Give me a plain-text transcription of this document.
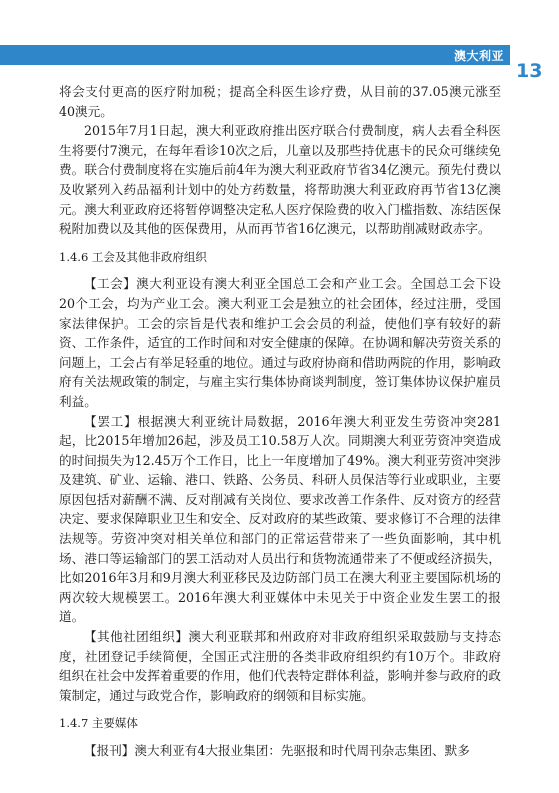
澳大利亚
13

将会支付更高的医疗附加税；提高全科医生诊疗费，从目前的37.05澳元涨至40澳元。

2015年7月1日起，澳大利亚政府推出医疗联合付费制度，病人去看全科医生将要付7澳元，在每年看诊10次之后，儿童以及那些持优惠卡的民众可继续免费。联合付费制度将在实施后前4年为澳大利亚政府节省34亿澳元。预先付费以及收紧列入药品福利计划中的处方药数量，将帮助澳大利亚政府再节省13亿澳元。澳大利亚政府还将暂停调整决定私人医疗保险费的收入门槛指数、冻结医保税附加费以及其他的医保费用，从而再节省16亿澳元，以帮助削减财政赤字。

1.4.6 工会及其他非政府组织

【工会】澳大利亚设有澳大利亚全国总工会和产业工会。全国总工会下设20个工会，均为产业工会。澳大利亚工会是独立的社会团体，经过注册，受国家法律保护。工会的宗旨是代表和维护工会会员的利益，使他们享有较好的薪资、工作条件，适宜的工作时间和对安全健康的保障。在协调和解决劳资关系的问题上，工会占有举足轻重的地位。通过与政府协商和借助两院的作用，影响政府有关法规政策的制定，与雇主实行集体协商谈判制度，签订集体协议保护雇员利益。

【罢工】根据澳大利亚统计局数据，2016年澳大利亚发生劳资冲突281起，比2015年增加26起，涉及员工10.58万人次。同期澳大利亚劳资冲突造成的时间损失为12.45万个工作日，比上一年度增加了49%。澳大利亚劳资冲突涉及建筑、矿业、运输、港口、铁路、公务员、科研人员保洁等行业或职业，主要原因包括对薪酬不满、反对削减有关岗位、要求改善工作条件、反对资方的经营决定、要求保障职业卫生和安全、反对政府的某些政策、要求修订不合理的法律法规等。劳资冲突对相关单位和部门的正常运营带来了一些负面影响，其中机场、港口等运输部门的罢工活动对人员出行和货物流通带来了不便或经济损失，比如2016年3月和9月澳大利亚移民及边防部门员工在澳大利亚主要国际机场的两次较大规模罢工。2016年澳大利亚媒体中未见关于中资企业发生罢工的报道。

【其他社团组织】澳大利亚联邦和州政府对非政府组织采取鼓励与支持态度，社团登记手续简便，全国正式注册的各类非政府组织约有10万个。非政府组织在社会中发挥着重要的作用，他们代表特定群体利益，影响并参与政府的政策制定，通过与政党合作，影响政府的纲领和目标实施。

1.4.7 主要媒体

【报刊】澳大利亚有4大报业集团：先驱报和时代周刊杂志集团、默多
